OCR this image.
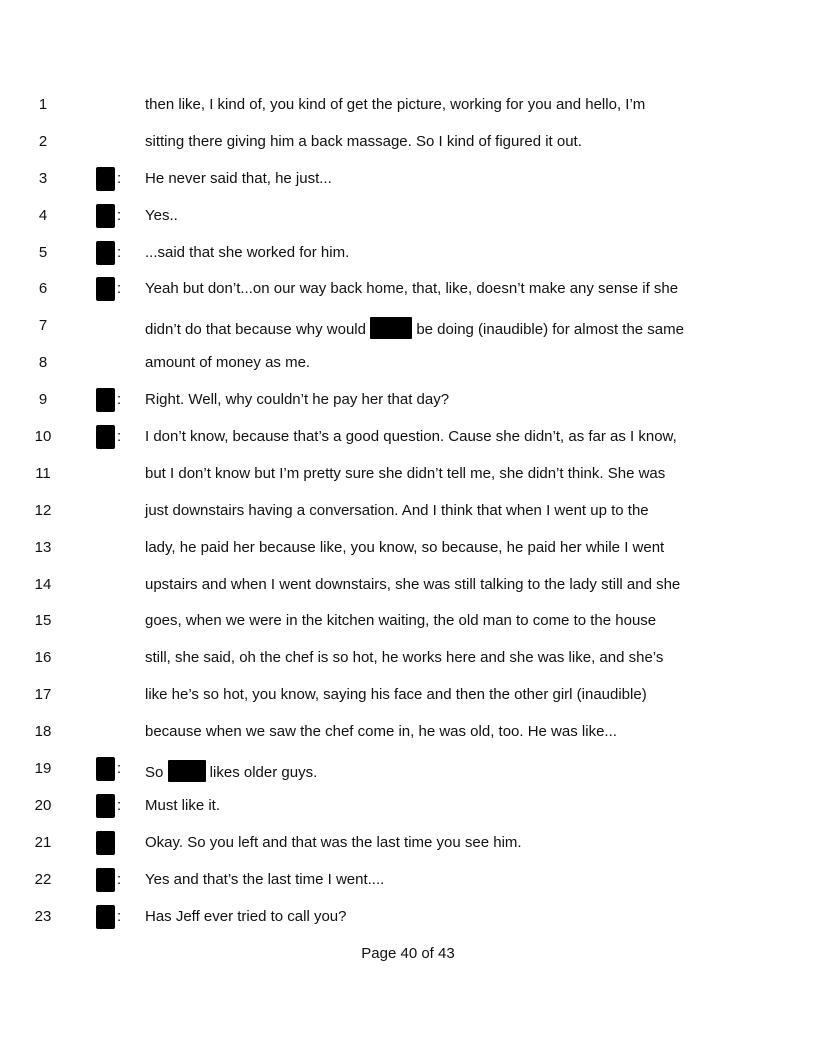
1	then like, I kind of, you kind of get the picture, working for you and hello, I’m
2	sitting there giving him a back massage. So I kind of figured it out.
3	: He never said that, he just...
4	: Yes..
5	: ...said that she worked for him.
6	: Yeah but don’t...on our way back home, that, like, doesn’t make any sense if she
7	didn’t do that because why would	be doing (inaudible) for almost the same
8	amount of money as me.
9	: Right. Well, why couldn’t he pay her that day?
10	: I don’t know, because that’s a good question. Cause she didn’t, as far as I know,
11	but I don’t know but I’m pretty sure she didn’t tell me, she didn’t think. She was
12	just downstairs having a conversation. And I think that when I went up to the
13	lady, he paid her because like, you know, so because, he paid her while I went
14	upstairs and when I went downstairs, she was still talking to the lady still and she
15	goes, when we were in the kitchen waiting, the old man to come to the house
16	still, she said, oh the chef is so hot, he works here and she was like, and she’s
17	like he’s so hot, you know, saying his face and then the other girl (inaudible)
18	because when we saw the chef come in, he was old, too. He was like...
19	: So	likes older guys.
20	: Must like it.
21	Okay. So you left and that was the last time you see him.
22	: Yes and that’s the last time I went....
23	: Has Jeff ever tried to call you?
Page 40 of 43
